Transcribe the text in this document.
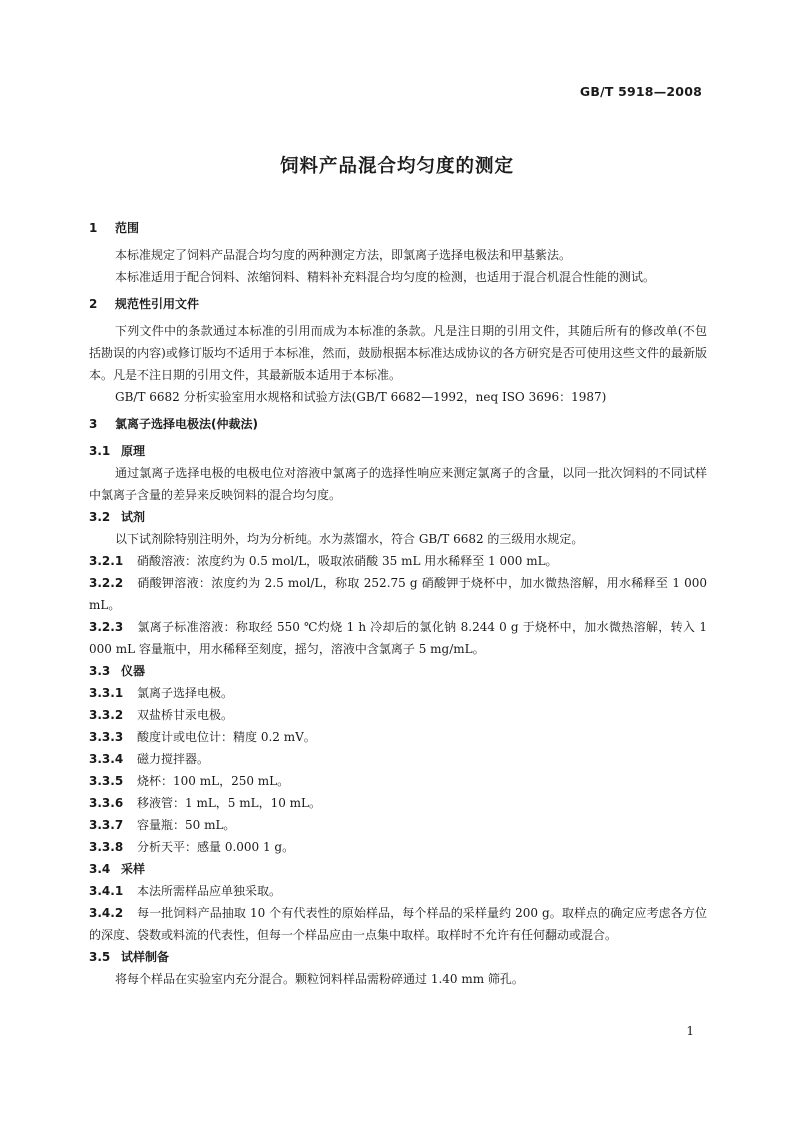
GB/T 5918—2008
饲料产品混合均匀度的测定

1 范围

本标准规定了饲料产品混合均匀度的两种测定方法，即氯离子选择电极法和甲基紫法。

本标准适用于配合饲料、浓缩饲料、精料补充料混合均匀度的检测，也适用于混合机混合性能的测试。

2 规范性引用文件

下列文件中的条款通过本标准的引用而成为本标准的条款。凡是注日期的引用文件，其随后所有的修改单(不包括勘误的内容)或修订版均不适用于本标准，然而，鼓励根据本标准达成协议的各方研究是否可使用这些文件的最新版本。凡是不注日期的引用文件，其最新版本适用于本标准。

GB/T 6682 分析实验室用水规格和试验方法(GB/T 6682—1992，neq ISO 3696：1987)

3 氯离子选择电极法(仲裁法)

3.1 原理

通过氯离子选择电极的电极电位对溶液中氯离子的选择性响应来测定氯离子的含量，以同一批次饲料的不同试样中氯离子含量的差异来反映饲料的混合均匀度。

3.2 试剂

以下试剂除特别注明外，均为分析纯。水为蒸馏水，符合 GB/T 6682 的三级用水规定。

3.2.1 硝酸溶液：浓度约为 0.5 mol/L，吸取浓硝酸 35 mL 用水稀释至 1 000 mL。

3.2.2 硝酸钾溶液：浓度约为 2.5 mol/L，称取 252.75 g 硝酸钾于烧杯中，加水微热溶解，用水稀释至 1 000 mL。

3.2.3 氯离子标准溶液：称取经 550 ℃灼烧 1 h 冷却后的氯化钠 8.244 0 g 于烧杯中，加水微热溶解，转入 1 000 mL 容量瓶中，用水稀释至刻度，摇匀，溶液中含氯离子 5 mg/mL。

3.3 仪器

3.3.1 氯离子选择电极。

3.3.2 双盐桥甘汞电极。

3.3.3 酸度计或电位计：精度 0.2 mV。

3.3.4 磁力搅拌器。

3.3.5 烧杯：100 mL，250 mL。

3.3.6 移液管：1 mL，5 mL，10 mL。

3.3.7 容量瓶：50 mL。

3.3.8 分析天平：感量 0.000 1 g。

3.4 采样

3.4.1 本法所需样品应单独采取。

3.4.2 每一批饲料产品抽取 10 个有代表性的原始样品，每个样品的采样量约 200 g。取样点的确定应考虑各方位的深度、袋数或料流的代表性，但每一个样品应由一点集中取样。取样时不允许有任何翻动或混合。

3.5 试样制备

将每个样品在实验室内充分混合。颗粒饲料样品需粉碎通过 1.40 mm 筛孔。

1
